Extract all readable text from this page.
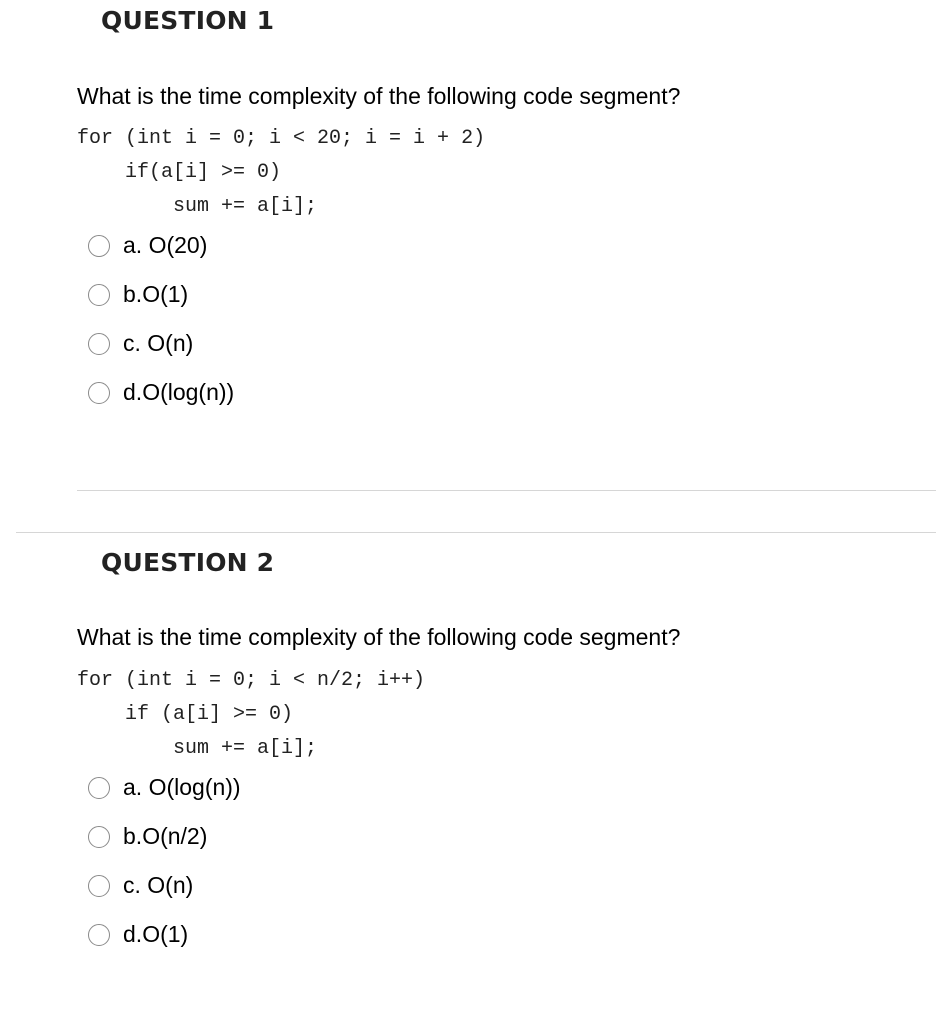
QUESTION 1

What is the time complexity of the following code segment?

for (int i = 0; i < 20; i = i + 2)
if(a[i] >= 0)
sum += a[i];
a. O(20)
b.O(1)
c. O(n)
d.O(log(n))
QUESTION 2

What is the time complexity of the following code segment?

for (int i = 0; i < n/2; i++)
if (a[i] >= 0)
sum += a[i];
a. O(log(n))
b.O(n/2)
c. O(n)
d.O(1)
